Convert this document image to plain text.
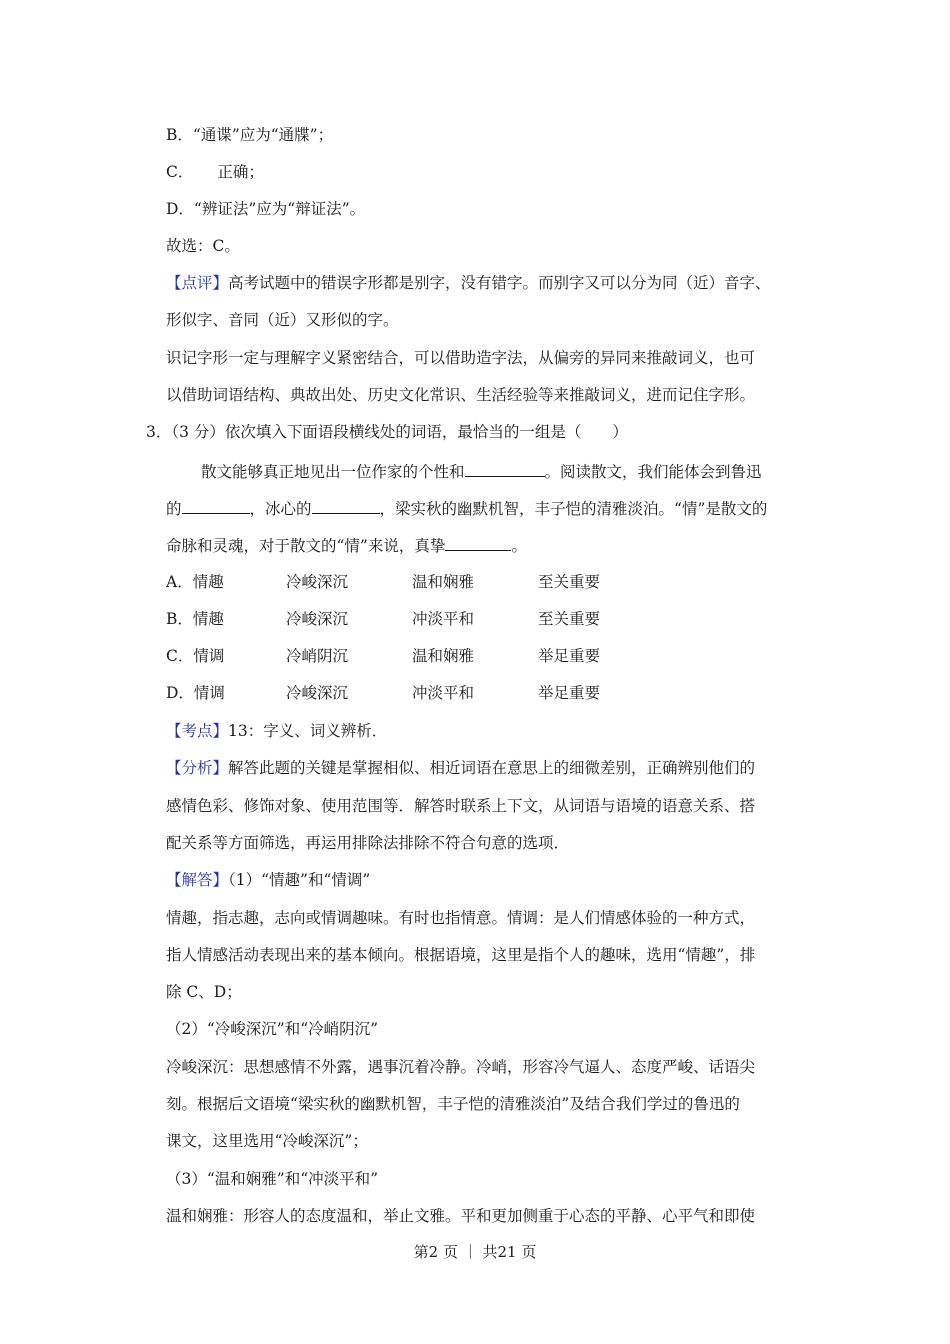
B．“通谍”应为“通牒”；
C． 正确；
D．“辨证法”应为“辩证法”。
故选：C。
【点评】高考试题中的错误字形都是别字，没有错字。而别字又可以分为同（近）音字、
形似字、音同（近）又形似的字。
识记字形一定与理解字义紧密结合，可以借助造字法，从偏旁的异同来推敲词义，也可
以借助词语结构、典故出处、历史文化常识、生活经验等来推敲词义，进而记住字形。
3．（3 分）依次填入下面语段横线处的词语，最恰当的一组是（　　）
散文能够真正地见出一位作家的个性和	。阅读散文，我们能体会到鲁迅
的	，冰心的	，梁实秋的幽默机智，丰子恺的清雅淡泊。“情”是散文的
命脉和灵魂，对于散文的“情”来说，真挚	。
A．情趣	冷峻深沉	温和娴雅	至关重要
B．情趣	冷峻深沉	冲淡平和	至关重要
C．情调	冷峭阴沉	温和娴雅	举足重要
D．情调	冷峻深沉	冲淡平和	举足重要
【考点】13：字义、词义辨析．
【分析】解答此题的关键是掌握相似、相近词语在意思上的细微差别，正确辨别他们的
感情色彩、修饰对象、使用范围等．解答时联系上下文，从词语与语境的语意关系、搭
配关系等方面筛选，再运用排除法排除不符合句意的选项．
【解答】（1）“情趣”和“情调”
情趣，指志趣，志向或情调趣味。有时也指情意。情调：是人们情感体验的一种方式，
指人情感活动表现出来的基本倾向。根据语境，这里是指个人的趣味，选用“情趣”，排
除 C、D；
（2）“冷峻深沉”和“冷峭阴沉”
冷峻深沉：思想感情不外露，遇事沉着冷静。冷峭，形容冷气逼人、态度严峻、话语尖
刻。根据后文语境“梁实秋的幽默机智，丰子恺的清雅淡泊”及结合我们学过的鲁迅的
课文，这里选用“冷峻深沉”；
（3）“温和娴雅”和“冲淡平和”
温和娴雅：形容人的态度温和，举止文雅。平和更加侧重于心态的平静、心平气和即使
第2 页 ｜ 共21 页
